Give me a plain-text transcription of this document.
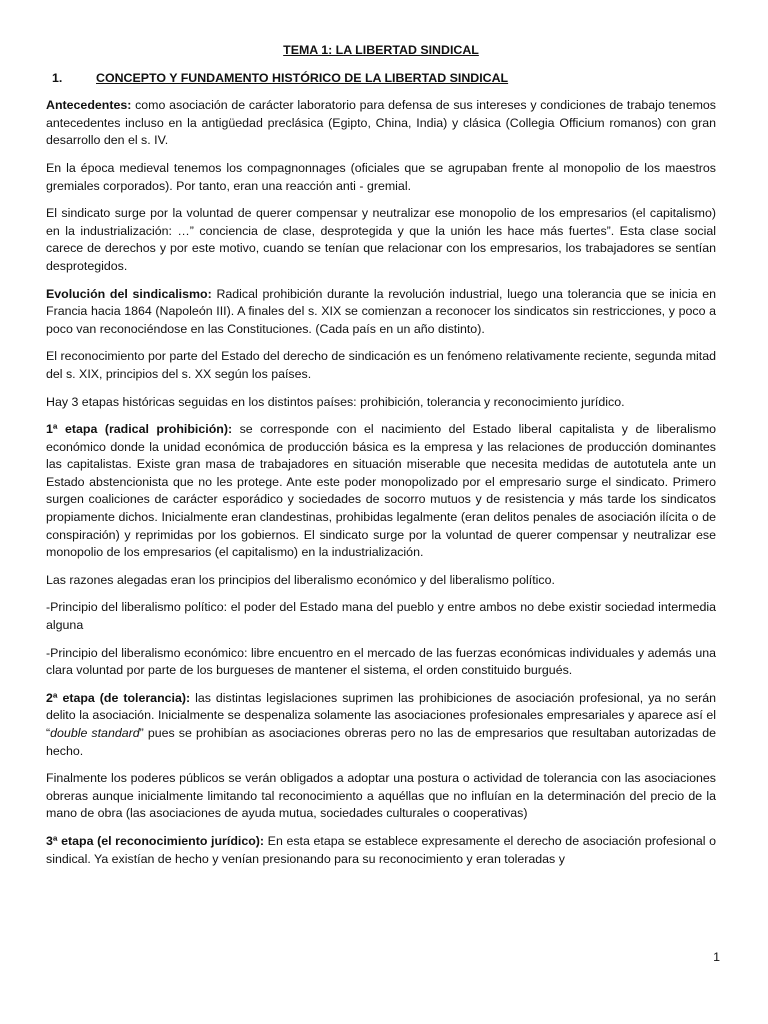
TEMA 1: LA LIBERTAD SINDICAL
1.	CONCEPTO Y FUNDAMENTO HISTÓRICO DE LA LIBERTAD SINDICAL

Antecedentes: como asociación de carácter laboratorio para defensa de sus intereses y condiciones de trabajo tenemos antecedentes incluso en la antigüedad preclásica (Egipto, China, India) y clásica (Collegia Officium romanos) con gran desarrollo den el s. IV.

En la época medieval tenemos los compagnonnages (oficiales que se agrupaban frente al monopolio de los maestros gremiales corporados). Por tanto, eran una reacción anti - gremial.

El sindicato surge por la voluntad de querer compensar y neutralizar ese monopolio de los empresarios (el capitalismo) en la industrialización: …” conciencia de clase, desprotegida y que la unión les hace más fuertes”. Esta clase social carece de derechos y por este motivo, cuando se tenían que relacionar con los empresarios, los trabajadores se sentían desprotegidos.

Evolución del sindicalismo: Radical prohibición durante la revolución industrial, luego una tolerancia que se inicia en Francia hacia 1864 (Napoleón III). A finales del s. XIX se comienzan a reconocer los sindicatos sin restricciones, y poco a poco van reconociéndose en las Constituciones. (Cada país en un año distinto).

El reconocimiento por parte del Estado del derecho de sindicación es un fenómeno relativamente reciente, segunda mitad del s. XIX, principios del s. XX según los países.

Hay 3 etapas históricas seguidas en los distintos países: prohibición, tolerancia y reconocimiento jurídico.

1ª etapa (radical prohibición): se corresponde con el nacimiento del Estado liberal capitalista y de liberalismo económico donde la unidad económica de producción básica es la empresa y las relaciones de producción dominantes las capitalistas. Existe gran masa de trabajadores en situación miserable que necesita medidas de autotutela ante un Estado abstencionista que no les protege. Ante este poder monopolizado por el empresario surge el sindicato. Primero surgen coaliciones de carácter esporádico y sociedades de socorro mutuos y de resistencia y más tarde los sindicatos propiamente dichos. Inicialmente eran clandestinas, prohibidas legalmente (eran delitos penales de asociación ilícita o de conspiración) y reprimidas por los gobiernos. El sindicato surge por la voluntad de querer compensar y neutralizar ese monopolio de los empresarios (el capitalismo) en la industrialización.

Las razones alegadas eran los principios del liberalismo económico y del liberalismo político.

-Principio del liberalismo político: el poder del Estado mana del pueblo y entre ambos no debe existir sociedad intermedia alguna

-Principio del liberalismo económico: libre encuentro en el mercado de las fuerzas económicas individuales y además una clara voluntad por parte de los burgueses de mantener el sistema, el orden constituido burgués.

2ª etapa (de tolerancia): las distintas legislaciones suprimen las prohibiciones de asociación profesional, ya no serán delito la asociación. Inicialmente se despenaliza solamente las asociaciones profesionales empresariales y aparece así el “double standard” pues se prohibían as asociaciones obreras pero no las de empresarios que resultaban autorizadas de hecho.

Finalmente los poderes públicos se verán obligados a adoptar una postura o actividad de tolerancia con las asociaciones obreras aunque inicialmente limitando tal reconocimiento a aquéllas que no influían en la determinación del precio de la mano de obra (las asociaciones de ayuda mutua, sociedades culturales o cooperativas)

3ª etapa (el reconocimiento jurídico): En esta etapa se establece expresamente el derecho de asociación profesional o sindical. Ya existían de hecho y venían presionando para su reconocimiento y eran toleradas y

1
